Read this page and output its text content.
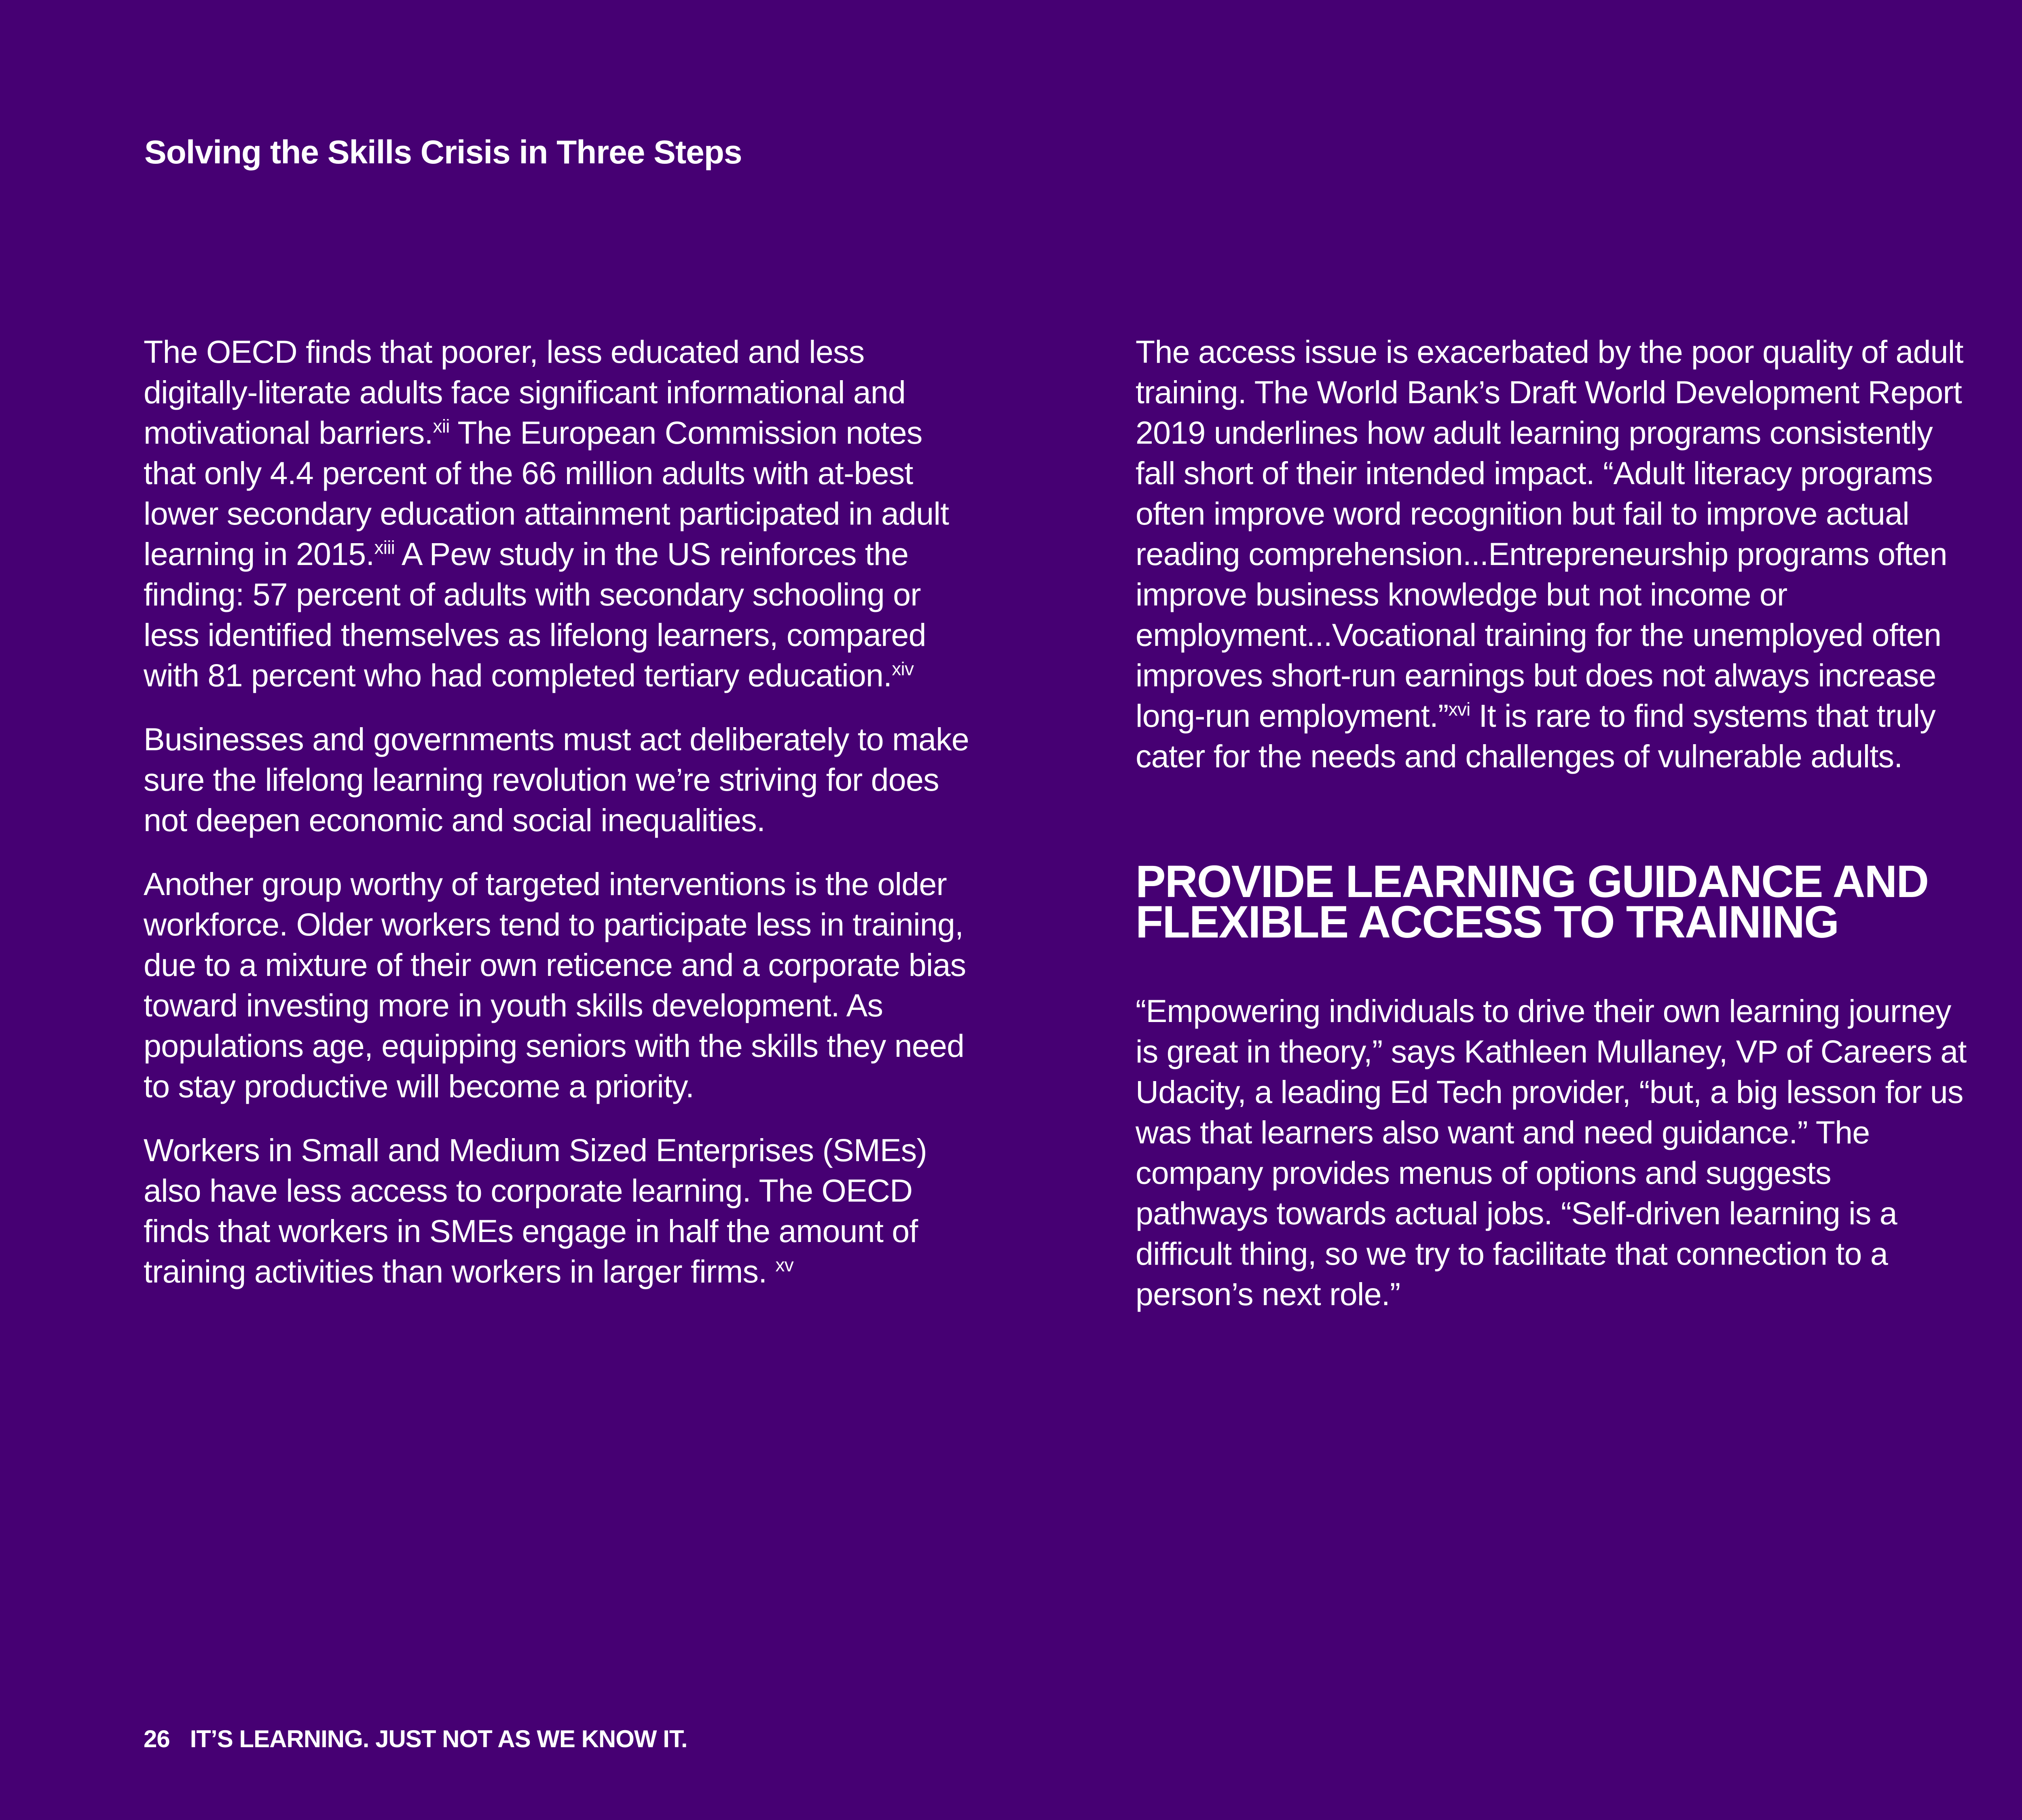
Solving the Skills Crisis in Three Steps

The OECD finds that poorer, less educated and less digitally-literate adults face significant informational and motivational barriers.$^{xii}$ The European Commission notes that only 4.4 percent of the 66 million adults with at-best lower secondary education attainment participated in adult learning in 2015.$^{xiii}$ A Pew study in the US reinforces the finding: 57 percent of adults with secondary schooling or less identified themselves as lifelong learners, compared with 81 percent who had completed tertiary education.$^{xiv}$

Businesses and governments must act deliberately to make sure the lifelong learning revolution we’re striving for does not deepen economic and social inequalities.

Another group worthy of targeted interventions is the older workforce. Older workers tend to participate less in training, due to a mixture of their own reticence and a corporate bias toward investing more in youth skills development. As populations age, equipping seniors with the skills they need to stay productive will become a priority.

Workers in Small and Medium Sized Enterprises (SMEs) also have less access to corporate learning. The OECD finds that workers in SMEs engage in half the amount of training activities than workers in larger firms. $^{xv}$

The access issue is exacerbated by the poor quality of adult training. The World Bank’s Draft World Development Report 2019 underlines how adult learning programs consistently fall short of their intended impact. “Adult literacy programs often improve word recognition but fail to improve actual reading comprehension...Entrepreneurship programs often improve business knowledge but not income or employment...Vocational training for the unemployed often improves short-run earnings but does not always increase long-run employment.”$^{xvi}$ It is rare to find systems that truly cater for the needs and challenges of vulnerable adults.

PROVIDE LEARNING GUIDANCE AND FLEXIBLE ACCESS TO TRAINING

“Empowering individuals to drive their own learning journey is great in theory,” says Kathleen Mullaney, VP of Careers at Udacity, a leading Ed Tech provider, “but, a big lesson for us was that learners also want and need guidance.” The company provides menus of options and suggests pathways towards actual jobs. “Self-driven learning is a difficult thing, so we try to facilitate that connection to a person’s next role.”

26 IT’S LEARNING. JUST NOT AS WE KNOW IT.
